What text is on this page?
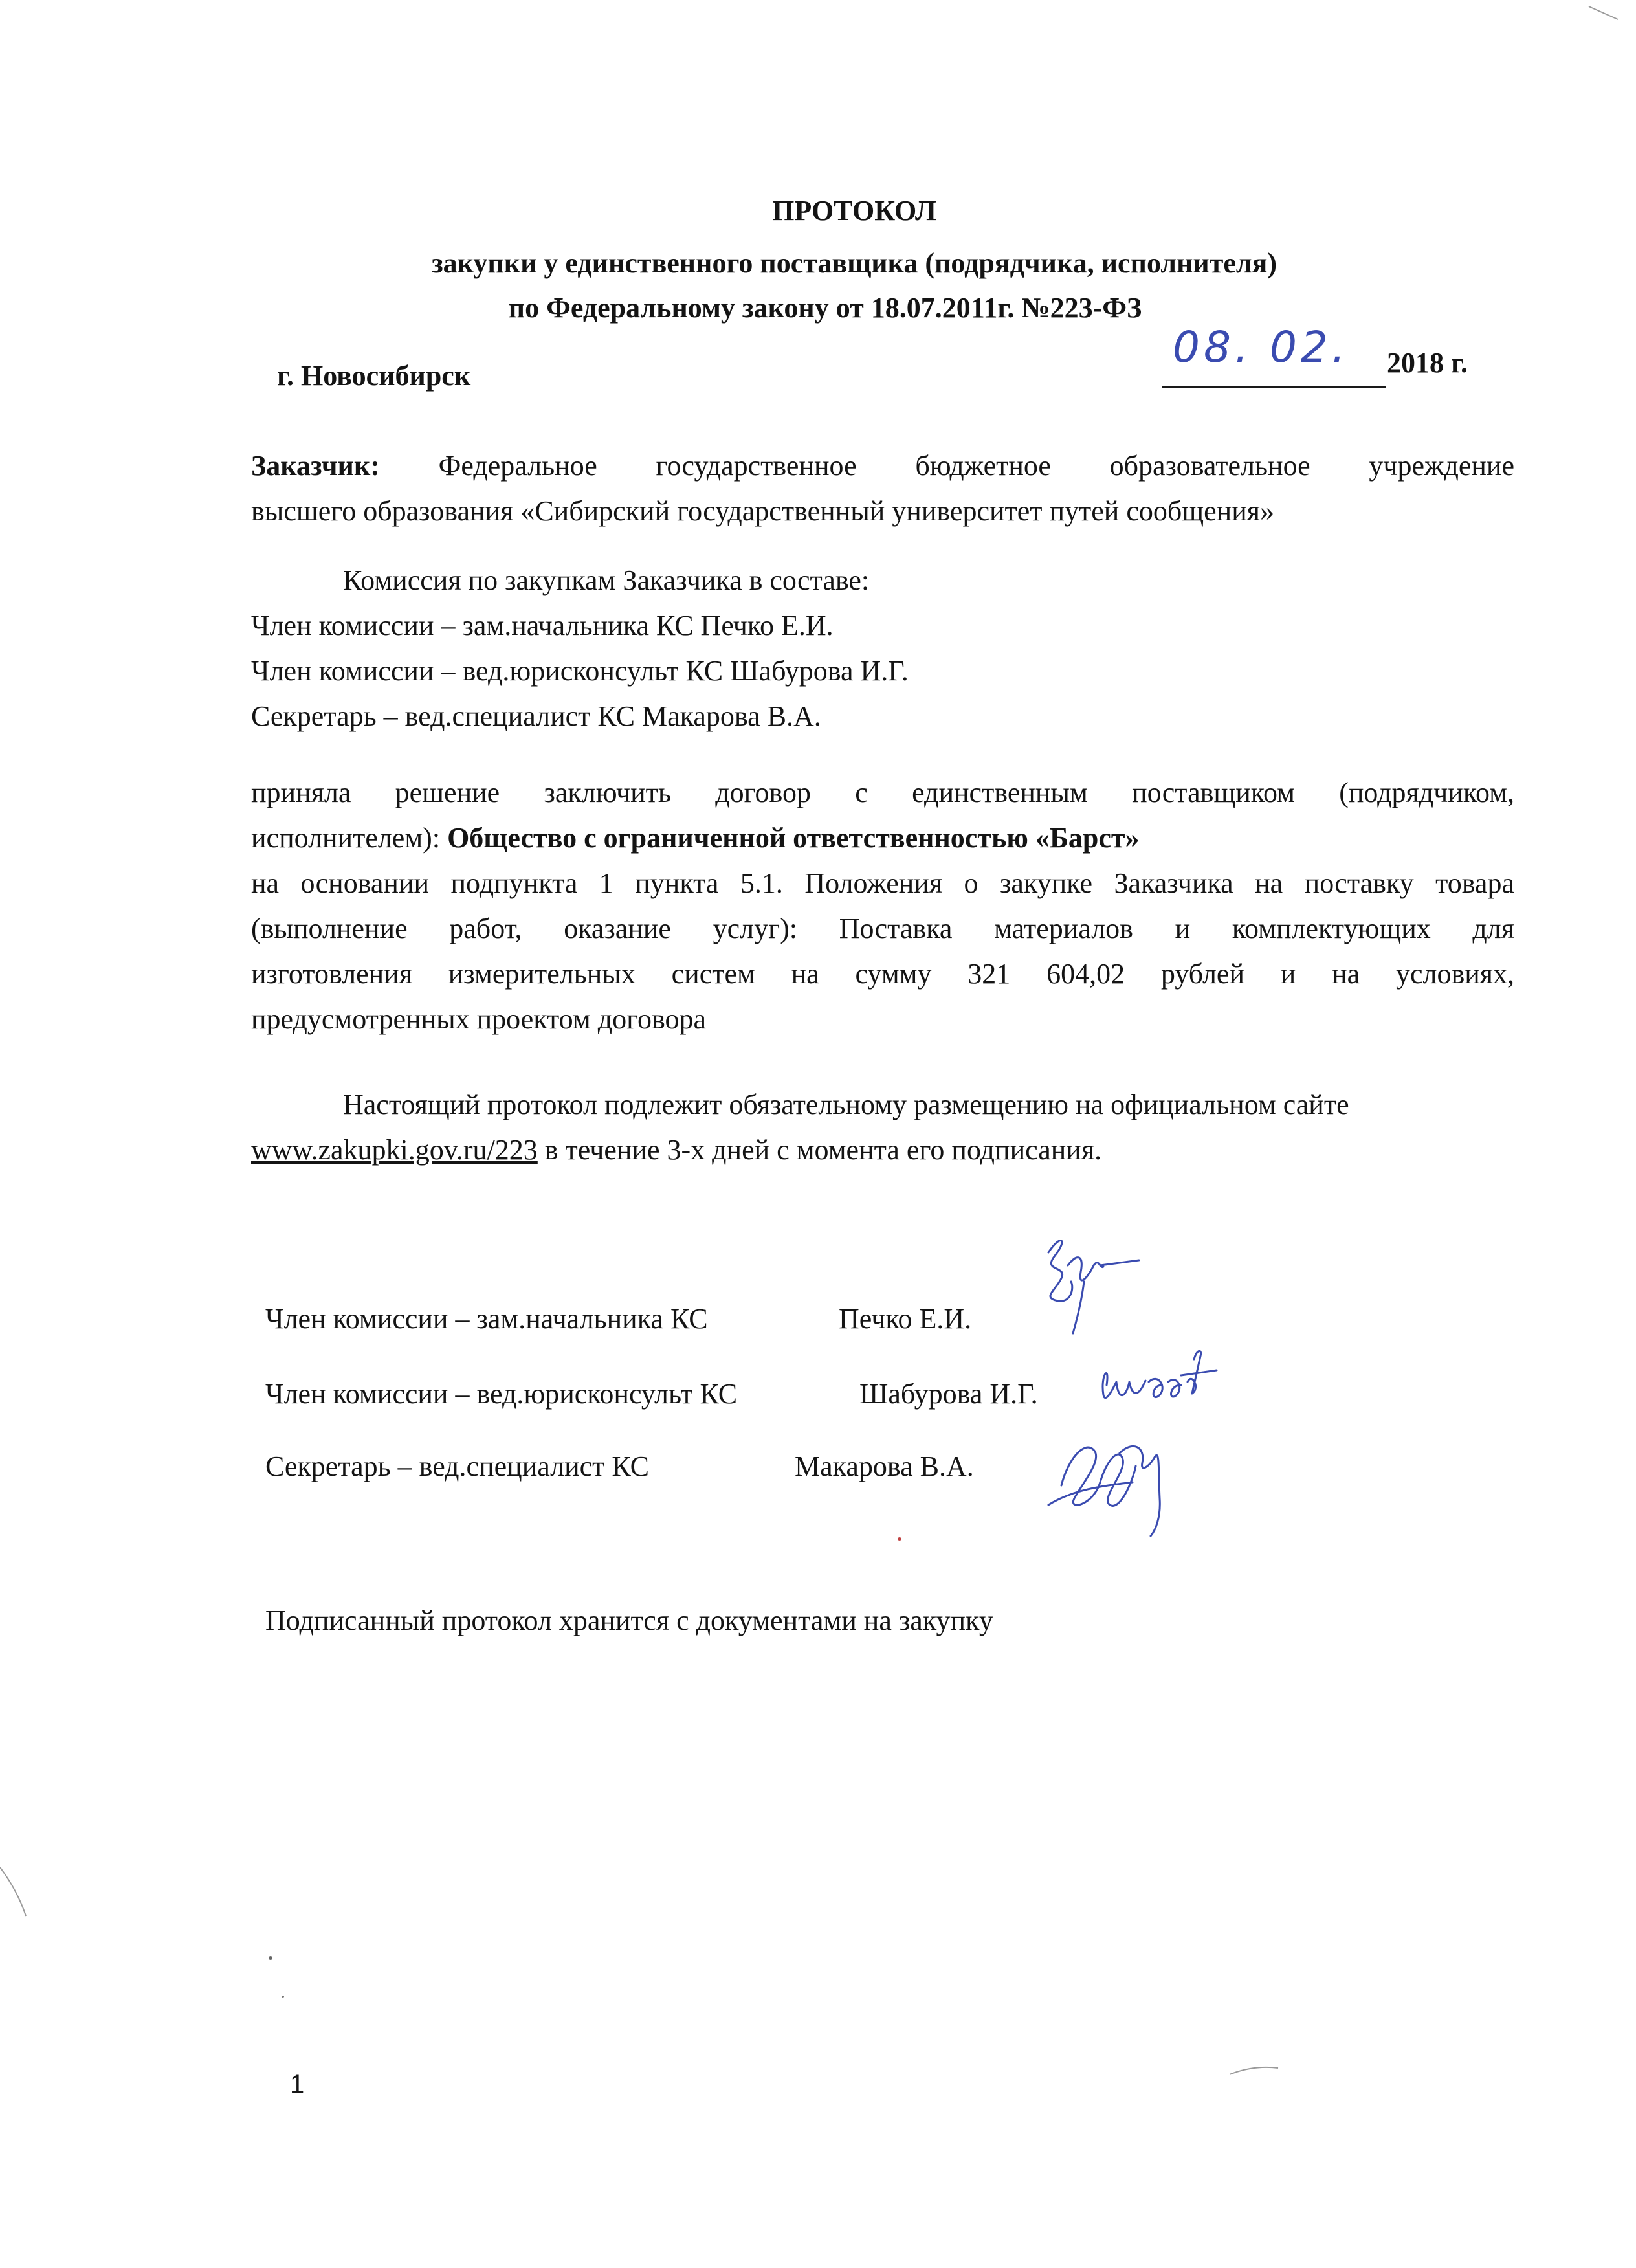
ПРОТОКОЛ
закупки у единственного поставщика (подрядчика, исполнителя)
по Федеральному закону от 18.07.2011г. №223-ФЗ
г. Новосибирск
08. 02. 2018 г.
Заказчик: Федеральное государственное бюджетное образовательное учреждение
высшего образования «Сибирский государственный университет путей сообщения»
Комиссия по закупкам Заказчика в составе:
Член комиссии – зам.начальника КС Печко Е.И.
Член комиссии – вед.юрисконсульт КС Шабурова И.Г.
Секретарь – вед.специалист КС Макарова В.А.
приняла решение заключить договор с единственным поставщиком (подрядчиком,
исполнителем): Общество с ограниченной ответственностью «Барст»
на основании подпункта 1 пункта 5.1. Положения о закупке Заказчика на поставку товара
(выполнение работ, оказание услуг): Поставка материалов и комплектующих для
изготовления измерительных систем на сумму 321 604,02 рублей и на условиях,
предусмотренных проектом договора
Настоящий протокол подлежит обязательному размещению на официальном сайте
www.zakupki.gov.ru/223 в течение 3-х дней с момента его подписания.
Член комиссии – зам.начальника КС	Печко Е.И.
Член комиссии – вед.юрисконсульт КС	Шабурова И.Г.
Секретарь – вед.специалист КС	Макарова В.А.
Подписанный протокол хранится с документами на закупку
1
